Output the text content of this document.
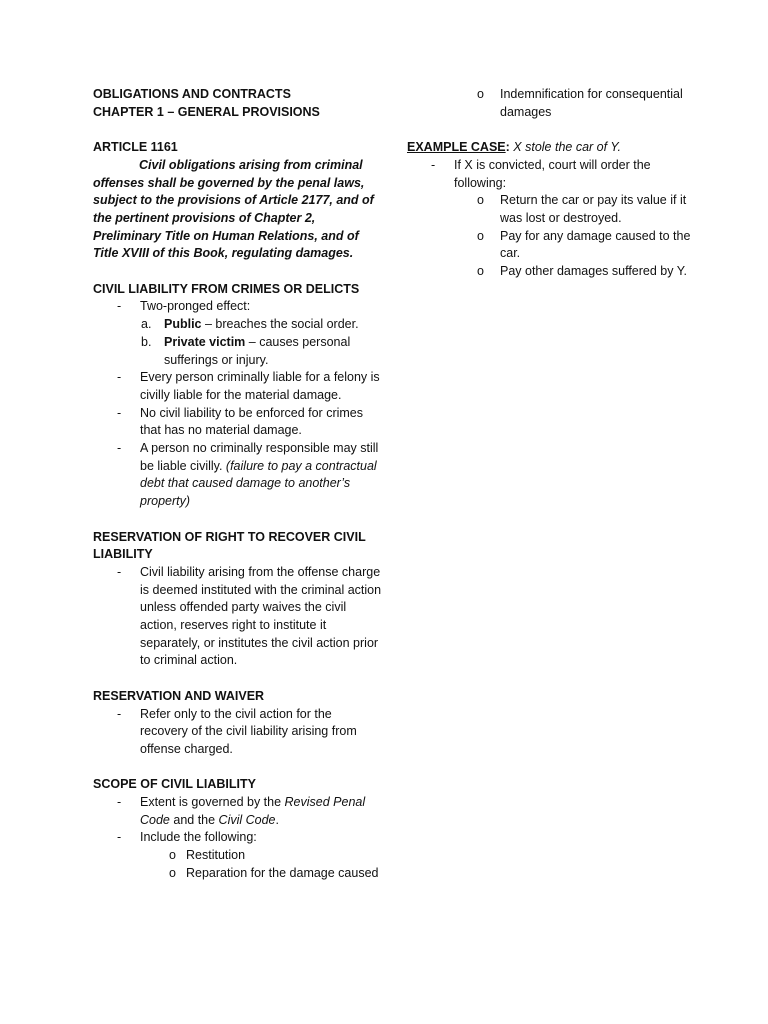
OBLIGATIONS AND CONTRACTS
CHAPTER 1 – GENERAL PROVISIONS
ARTICLE 1161
Civil obligations arising from criminal offenses shall be governed by the penal laws, subject to the provisions of Article 2177, and of the pertinent provisions of Chapter 2, Preliminary Title on Human Relations, and of Title XVIII of this Book, regulating damages.
CIVIL LIABILITY FROM CRIMES OR DELICTS
- Two-pronged effect:
a. Public – breaches the social order.
b. Private victim – causes personal sufferings or injury.
- Every person criminally liable for a felony is civilly liable for the material damage.
- No civil liability to be enforced for crimes that has no material damage.
- A person no criminally responsible may still be liable civilly. (failure to pay a contractual debt that caused damage to another’s property)
RESERVATION OF RIGHT TO RECOVER CIVIL LIABILITY
- Civil liability arising from the offense charge is deemed instituted with the criminal action unless offended party waives the civil action, reserves right to institute it separately, or institutes the civil action prior to criminal action.
RESERVATION AND WAIVER
- Refer only to the civil action for the recovery of the civil liability arising from offense charged.
SCOPE OF CIVIL LIABILITY
- Extent is governed by the Revised Penal Code and the Civil Code.
- Include the following:
o Restitution
o Reparation for the damage caused
o Indemnification for consequential damages
EXAMPLE CASE: X stole the car of Y.
- If X is convicted, court will order the following:
o Return the car or pay its value if it was lost or destroyed.
o Pay for any damage caused to the car.
o Pay other damages suffered by Y.
